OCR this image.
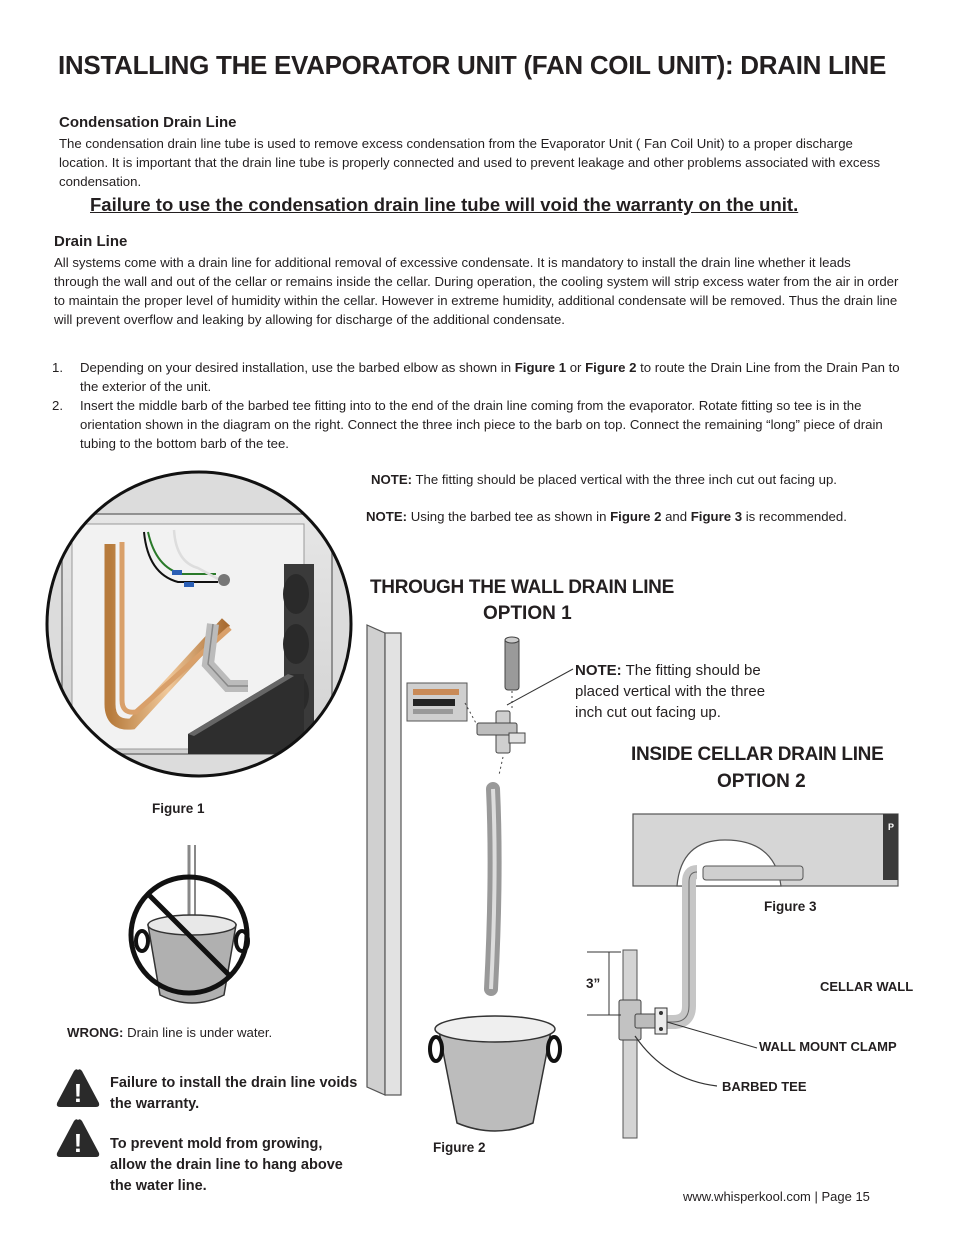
INSTALLING THE EVAPORATOR UNIT (FAN COIL UNIT): DRAIN LINE
Condensation Drain Line
The condensation drain line tube is used to remove excess condensation from the Evaporator Unit ( Fan Coil Unit) to a proper discharge location. It is important that the drain line tube is properly connected and used to prevent leakage and other problems associated with excess condensation.
Failure to use the condensation drain line tube will void the warranty on the unit.
Drain Line
All systems come with a drain line for additional removal of excessive condensate. It is mandatory to install the drain line whether it leads through the wall and out of the cellar or remains inside the cellar. During operation, the cooling system will strip excess water from the air in order to maintain the proper level of humidity within the cellar. However in extreme humidity, additional condensate will be removed. Thus the drain line will prevent overflow and leaking by allowing for discharge of the additional condensate.
1. Depending on your desired installation, use the barbed elbow as shown in Figure 1 or Figure 2 to route the Drain Line from the Drain Pan to the exterior of the unit.
2. Insert the middle barb of the barbed tee fitting into to the end of the drain line coming from the evaporator. Rotate fitting so tee is in the orientation shown in the diagram on the right. Connect the three inch piece to the barb on top. Connect the remaining “long” piece of drain tubing to the bottom barb of the tee.
NOTE: The fitting should be placed vertical with the three inch cut out facing up.
NOTE: Using the barbed tee as shown in Figure 2 and Figure 3 is recommended.
Figure 1
WRONG: Drain line is under water.
! Failure to install the drain line voids the warranty.
! To prevent mold from growing, allow the drain line to hang above the water line.
THROUGH THE WALL DRAIN LINE
OPTION 1
Figure 2
NOTE: The fitting should be placed vertical with the three inch cut out facing up.
INSIDE CELLAR DRAIN LINE
OPTION 2
P
Figure 3
3”	CELLAR WALL
WALL MOUNT CLAMP
BARBED TEE
www.whisperkool.com | Page 15
